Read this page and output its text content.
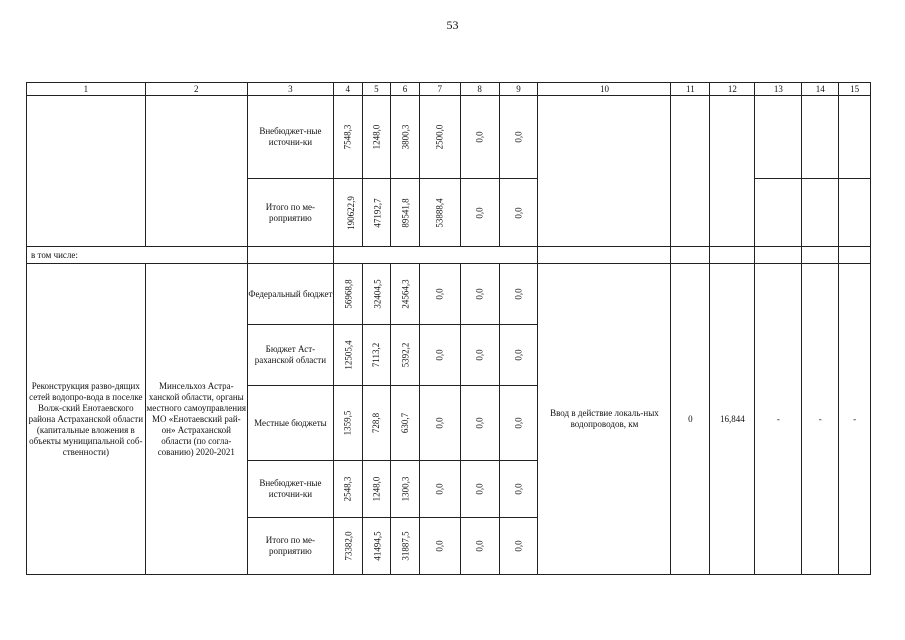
53
1	2	3	4	5	6	7	8	9	10	11	12	13	14	15
		Внебюджет-ные источни-ки	7548,3	1248,0	3800,3	2500,0	0,0	0,0						
		Итого по ме-роприятию	190622,9	47192,7	89541,8	53888,4	0,0	0,0						
в том числе:														
Реконструкция разво-дящих сетей водопро-вода в поселке Волж-ский Енотаевского района Астраханской области (капитальные вложения в объекты муниципальной соб-ственности)	Минсельхоз Астра-ханской области, органы местного самоуправления МО «Енотаевский рай-он» Астраханской области (по согла-сованию) 2020-2021	Федеральный бюджет	56968,8	32404,5	24564,3	0,0	0,0	0,0	Ввод в действие локаль-ных водопроводов, км	0	16,844	-	-	-
		Бюджет Аст-раханской области	12505,4	7113,2	5392,2	0,0	0,0	0,0						
		Местные бюджеты	1359,5	728,8	630,7	0,0	0,0	0,0						
		Внебюджет-ные источни-ки	2548,3	1248,0	1300,3	0,0	0,0	0,0						
		Итого по ме-роприятию	73382,0	41494,5	31887,5	0,0	0,0	0,0						
